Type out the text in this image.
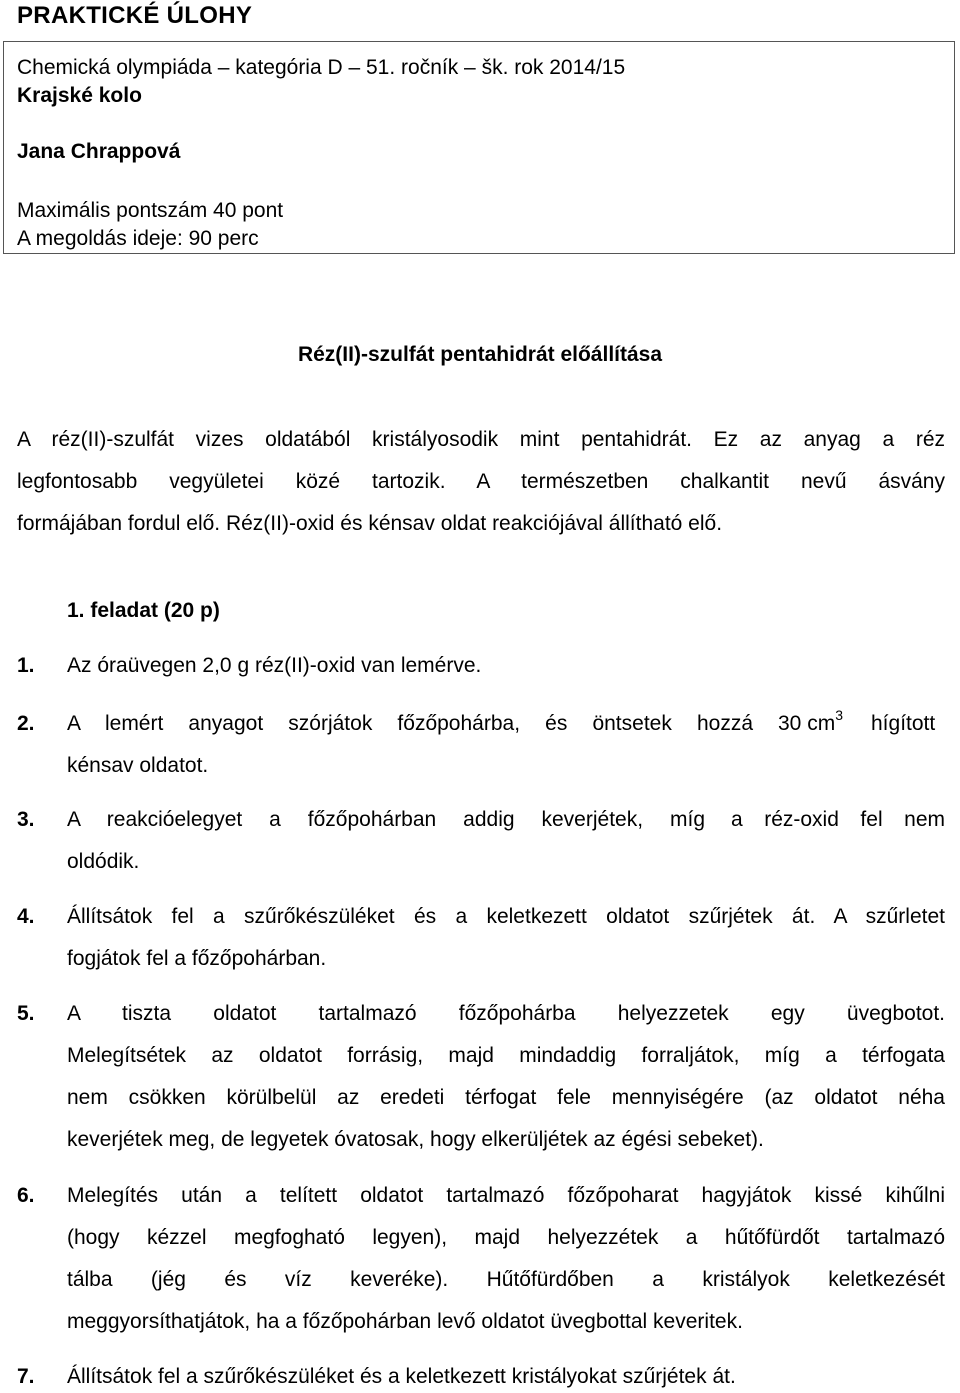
PRAKTICKÉ ÚLOHY
Chemická olympiáda – kategória D – 51. ročník – šk. rok 2014/15
Krajské kolo
Jana Chrappová
Maximális pontszám 40 pont
A megoldás ideje: 90 perc
Réz(II)-szulfát pentahidrát előállítása
A réz(II)-szulfát vizes oldatából kristályosodik mint pentahidrát. Ez az anyag a réz
legfontosabb vegyületei közé tartozik. A természetben chalkantit nevű ásvány
formájában fordul elő. Réz(II)-oxid és kénsav oldat reakciójával állítható elő.
1. feladat (20 p)
1. Az óraüvegen 2,0 g réz(II)-oxid van lemérve.
2. A lemért anyagot szórjátok főzőpohárba, és öntsetek hozzá 30 $cm^3$ hígított
kénsav oldatot.
3. A reakcióelegyet a főzőpohárban addig keverjétek, míg a réz-oxid fel nem
oldódik.
4. Állítsátok fel a szűrőkészüléket és a keletkezett oldatot szűrjétek át. A szűrletet
fogjátok fel a főzőpohárban.
5. A tiszta oldatot tartalmazó főzőpohárba helyezzetek egy üvegbotot.
Melegítsétek az oldatot forrásig, majd mindaddig forraljátok, míg a térfogata
nem csökken körülbelül az eredeti térfogat fele mennyiségére (az oldatot néha
keverjétek meg, de legyetek óvatosak, hogy elkerüljétek az égési sebeket).
6. Melegítés után a telített oldatot tartalmazó főzőpoharat hagyjátok kissé kihűlni
(hogy kézzel megfogható legyen), majd helyezzétek a hűtőfürdőt tartalmazó
tálba (jég és víz keveréke). Hűtőfürdőben a kristályok keletkezését
meggyorsíthatjátok, ha a főzőpohárban levő oldatot üvegbottal keveritek.
7. Állítsátok fel a szűrőkészüléket és a keletkezett kristályokat szűrjétek át.
